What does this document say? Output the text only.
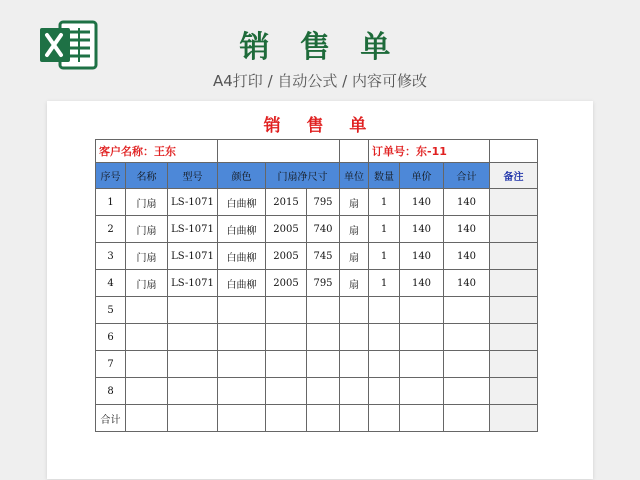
销 售 单
A4打印 / 自动公式 / 内容可修改
销 售 单
客户名称：王东							订单号：东-11			
序号	名称	型号	颜色	门扇净尺寸		单位	数量	单价	合计	备注
1	门扇	LS-1071	白曲柳	2015	795	扇	1	140	140	
2	门扇	LS-1071	白曲柳	2005	740	扇	1	140	140	
3	门扇	LS-1071	白曲柳	2005	745	扇	1	140	140	
4	门扇	LS-1071	白曲柳	2005	795	扇	1	140	140	
5										
6										
7										
8										
合计										
